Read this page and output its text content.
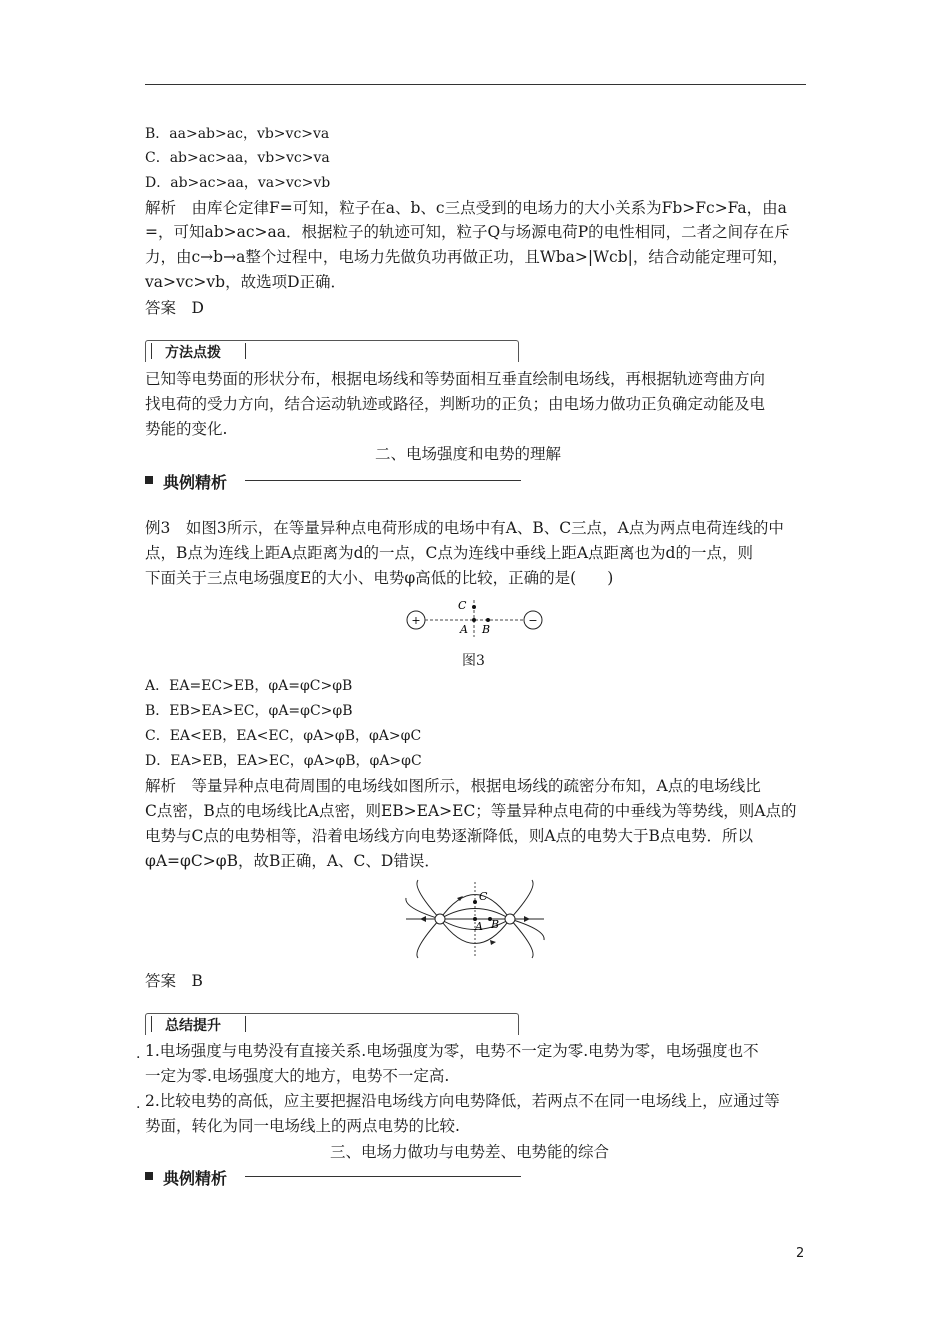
B．aa>ab>ac，vb>vc>va
C．ab>ac>aa，vb>vc>va
D．ab>ac>aa，va>vc>vb
解析　由库仑定律F=可知，粒子在a、b、c三点受到的电场力的大小关系为Fb>Fc>Fa，由a
=，可知ab>ac>aa．根据粒子的轨迹可知，粒子Q与场源电荷P的电性相同，二者之间存在斥
力，由c→b→a整个过程中，电场力先做负功再做正功，且Wba>|Wcb|，结合动能定理可知，
va>vc>vb，故选项D正确．
答案　D
方法点拨
已知等电势面的形状分布，根据电场线和等势面相互垂直绘制电场线，再根据轨迹弯曲方向
找电荷的受力方向，结合运动轨迹或路径，判断功的正负；由电场力做功正负确定动能及电
势能的变化.
二、电场强度和电势的理解
典例精析
例3　如图3所示，在等量异种点电荷形成的电场中有A、B、C三点，A点为两点电荷连线的中
点，B点为连线上距A点距离为d的一点，C点为连线中垂线上距A点距离也为d的一点，则
下面关于三点电场强度E的大小、电势φ高低的比较，正确的是(　　)
+	−
C
A B
图3
A．EA=EC>EB，φA=φC>φB
B．EB>EA>EC，φA=φC>φB
C．EA<EB，EA<EC，φA>φB，φA>φC
D．EA>EB，EA>EC，φA>φB，φA>φC
解析　等量异种点电荷周围的电场线如图所示，根据电场线的疏密分布知，A点的电场线比
C点密，B点的电场线比A点密，则EB>EA>EC；等量异种点电荷的中垂线为等势线，则A点的
电势与C点的电势相等，沿着电场线方向电势逐渐降低，则A点的电势大于B点电势．所以
φA=φC>φB，故B正确，A、C、D错误．
C
A B
答案　B
总结提升
. 1.电场强度与电势没有直接关系.电场强度为零，电势不一定为零.电势为零，电场强度也不
一定为零.电场强度大的地方，电势不一定高.
. 2.比较电势的高低，应主要把握沿电场线方向电势降低，若两点不在同一电场线上，应通过等
势面，转化为同一电场线上的两点电势的比较.
三、电场力做功与电势差、电势能的综合
典例精析
2
